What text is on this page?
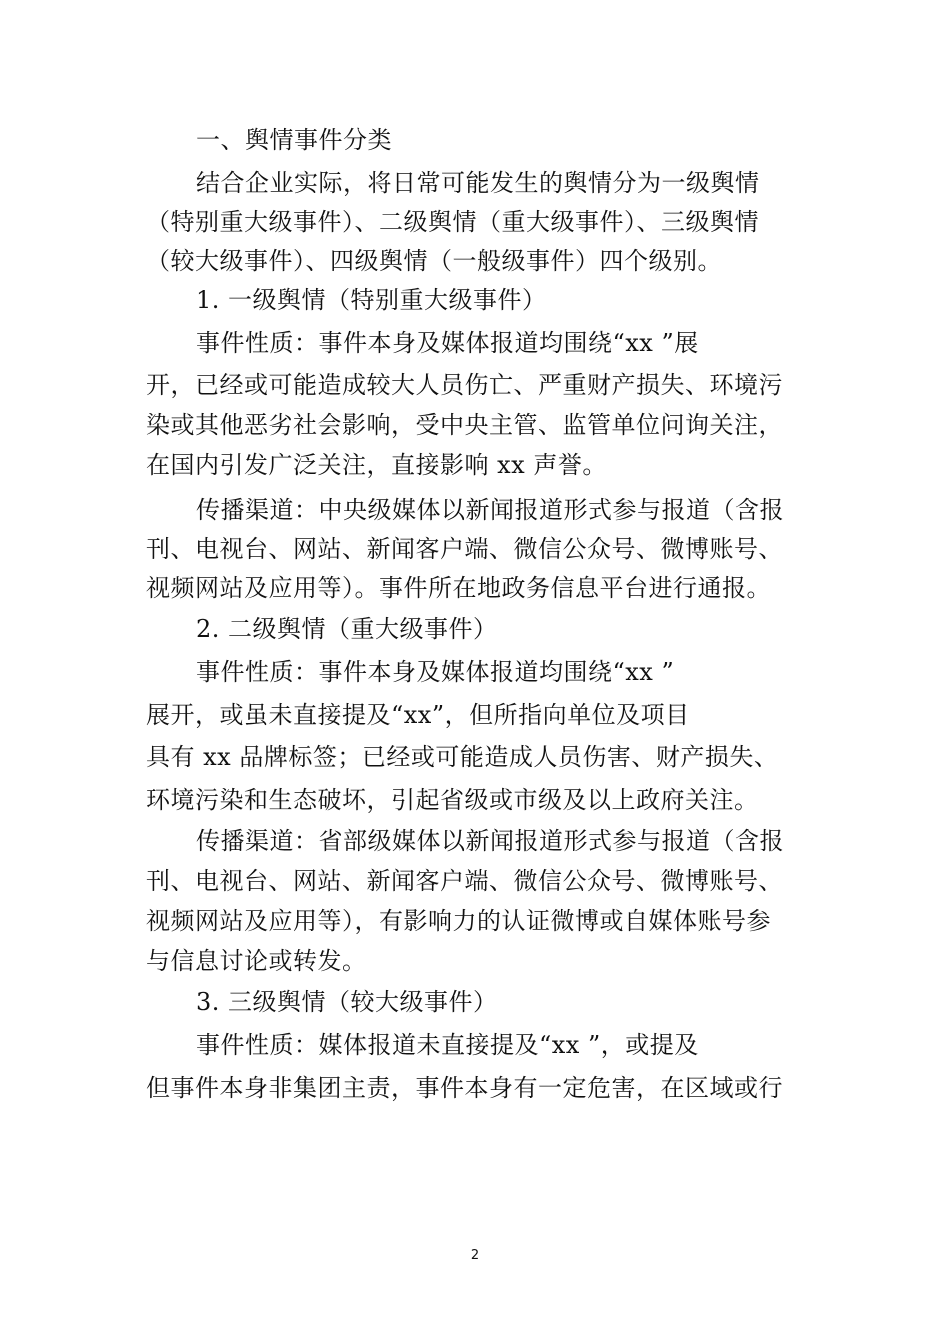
一、舆情事件分类
结合企业实际，将日常可能发生的舆情分为一级舆情
（特别重大级事件）、二级舆情（重大级事件）、三级舆情
（较大级事件）、四级舆情（一般级事件）四个级别。
1. 一级舆情（特别重大级事件）
事件性质：事件本身及媒体报道均围绕“xx ”展
开，已经或可能造成较大人员伤亡、严重财产损失、环境污
染或其他恶劣社会影响，受中央主管、监管单位问询关注，
在国内引发广泛关注，直接影响 xx 声誉。
传播渠道：中央级媒体以新闻报道形式参与报道（含报
刊、电视台、网站、新闻客户端、微信公众号、微博账号、
视频网站及应用等）。事件所在地政务信息平台进行通报。
2. 二级舆情（重大级事件）
事件性质：事件本身及媒体报道均围绕“xx ”
展开，或虽未直接提及“xx”，但所指向单位及项目
具有 xx 品牌标签；已经或可能造成人员伤害、财产损失、
环境污染和生态破坏，引起省级或市级及以上政府关注。
传播渠道：省部级媒体以新闻报道形式参与报道（含报
刊、电视台、网站、新闻客户端、微信公众号、微博账号、
视频网站及应用等），有影响力的认证微博或自媒体账号参
与信息讨论或转发。
3. 三级舆情（较大级事件）
事件性质：媒体报道未直接提及“xx ”，或提及
但事件本身非集团主责，事件本身有一定危害，在区域或行
2
